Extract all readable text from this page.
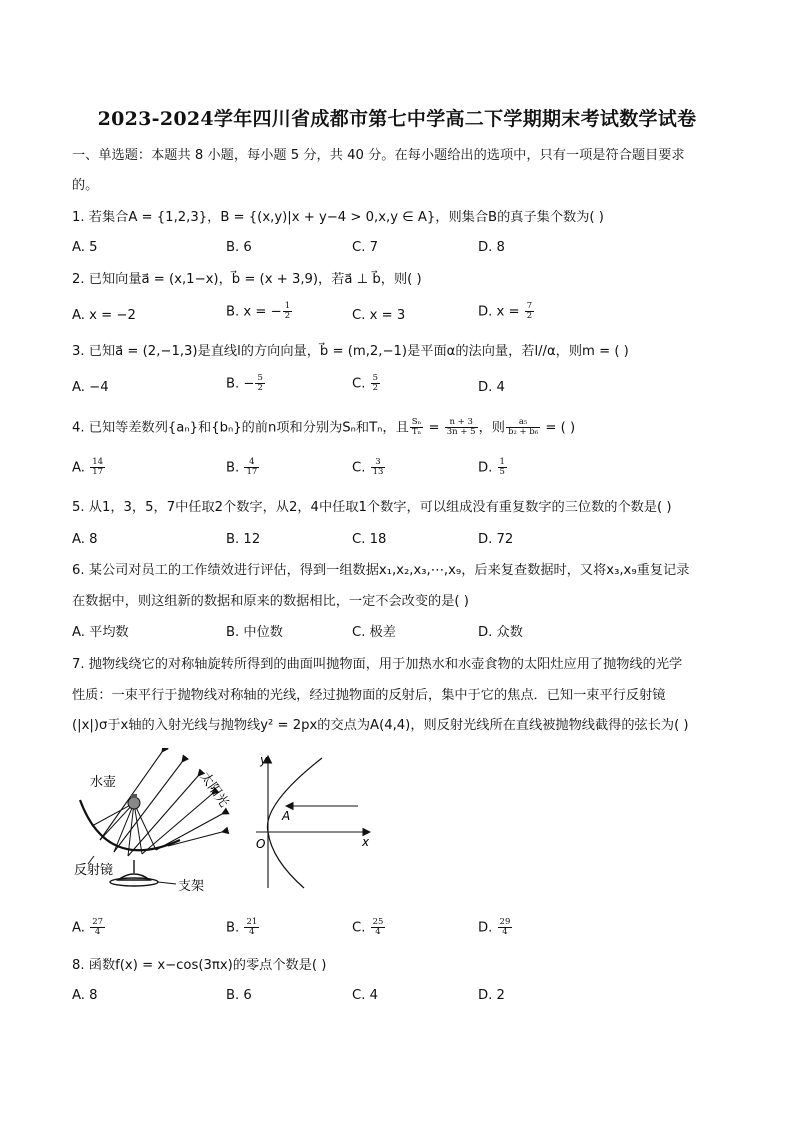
2023-2024学年四川省成都市第七中学高二下学期期末考试数学试卷
一、单选题：本题共 8 小题，每小题 5 分，共 40 分。在每小题给出的选项中，只有一项是符合题目要求
的。
1. 若集合A = {1,2,3}，B = {(x,y)|x + y−4 > 0,x,y ∈ A}，则集合B的真子集个数为( )
A. 5	B. 6	C. 7	D. 8
2. 已知向量a⃗ = (x,1−x)，b⃗ = (x + 3,9)，若a⃗ ⊥ b⃗，则( )
A. x = −2	B. x = − $\frac{1}{2}$	C. x = 3	D. $x = \frac{7}{2}$
3. 已知a⃗ = (2,−1,3)是直线l的方向向量，b⃗ = (m,2,−1)是平面α的法向量，若l//α，则m = ( )
A. −4	B. − $\frac{5}{2}$	C. $\frac{5}{2}$	D. 4
4. 已知等差数列{aₙ}和{bₙ}的前n项和分别为Sₙ和Tₙ，且 $\frac{\text{Sₙ}}{\text{Tₙ}} = \frac{n + 3}{3n + 5}$ ，则 $\frac{\text{a₅}}{\text{b₂ + b₆}}$ = ( )
A. $\frac{14}{17}$	B. $\frac{4}{17}$	C. $\frac{3}{13}$	D. $\frac{1}{5}$
5. 从1，3，5，7中任取2个数字，从2，4中任取1个数字，可以组成没有重复数字的三位数的个数是( )
A. 8	B. 12	C. 18	D. 72
6. 某公司对员工的工作绩效进行评估，得到一组数据x₁,x₂,x₃,⋯,x₉，后来复查数据时，又将x₃,x₉重复记录
在数据中，则这组新的数据和原来的数据相比，一定不会改变的是( )
A. 平均数	B. 中位数	C. 极差	D. 众数
7. 抛物线绕它的对称轴旋转所得到的曲面叫抛物面，用于加热水和水壶食物的太阳灶应用了抛物线的光学
性质：一束平行于抛物线对称轴的光线，经过抛物面的反射后，集中于它的焦点．已知一束平行反射镜
(|x|)σ于x轴的入射光线与抛物线y² = 2px的交点为A(4,4)，则反射光线所在直线被抛物线截得的弦长为( )
水壶	太阳光
反射镜
支架
y
x
O
A
A. $\frac{27}{4}$	B. $\frac{21}{4}$	C. $\frac{25}{4}$	D. $\frac{29}{4}$
8. 函数f(x) = x−cos(3πx)的零点个数是( )
A. 8	B. 6	C. 4	D. 2
